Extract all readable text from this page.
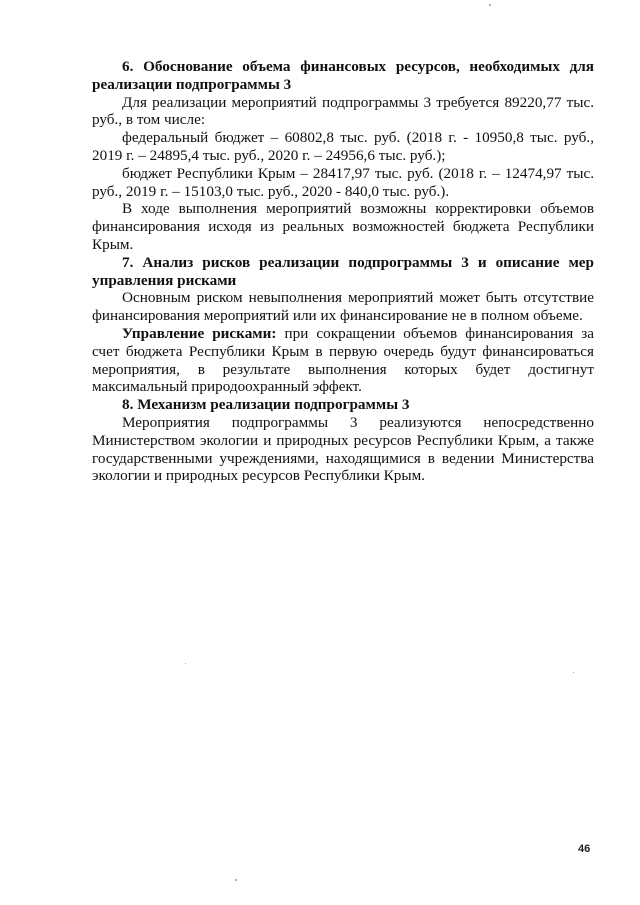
6. Обоснование объема финансовых ресурсов, необходимых для реализации подпрограммы 3

Для реализации мероприятий подпрограммы 3 требуется 89220,77 тыс. руб., в том числе:

федеральный бюджет – 60802,8 тыс. руб. (2018 г. - 10950,8 тыс. руб., 2019 г. – 24895,4 тыс. руб., 2020 г. – 24956,6 тыс. руб.);

бюджет Республики Крым – 28417,97 тыс. руб. (2018 г. – 12474,97 тыс. руб., 2019 г. – 15103,0 тыс. руб., 2020 - 840,0 тыс. руб.).

В ходе выполнения мероприятий возможны корректировки объемов финансирования исходя из реальных возможностей бюджета Республики Крым.

7. Анализ рисков реализации подпрограммы 3 и описание мер управления рисками

Основным риском невыполнения мероприятий может быть отсутствие финансирования мероприятий или их финансирование не в полном объеме.

Управление рисками: при сокращении объемов финансирования за счет бюджета Республики Крым в первую очередь будут финансироваться мероприятия, в результате выполнения которых будет достигнут максимальный природоохранный эффект.

8. Механизм реализации подпрограммы 3

Мероприятия подпрограммы 3 реализуются непосредственно Министерством экологии и природных ресурсов Республики Крым, а также государственными учреждениями, находящимися в ведении Министерства экологии и природных ресурсов Республики Крым.

46
